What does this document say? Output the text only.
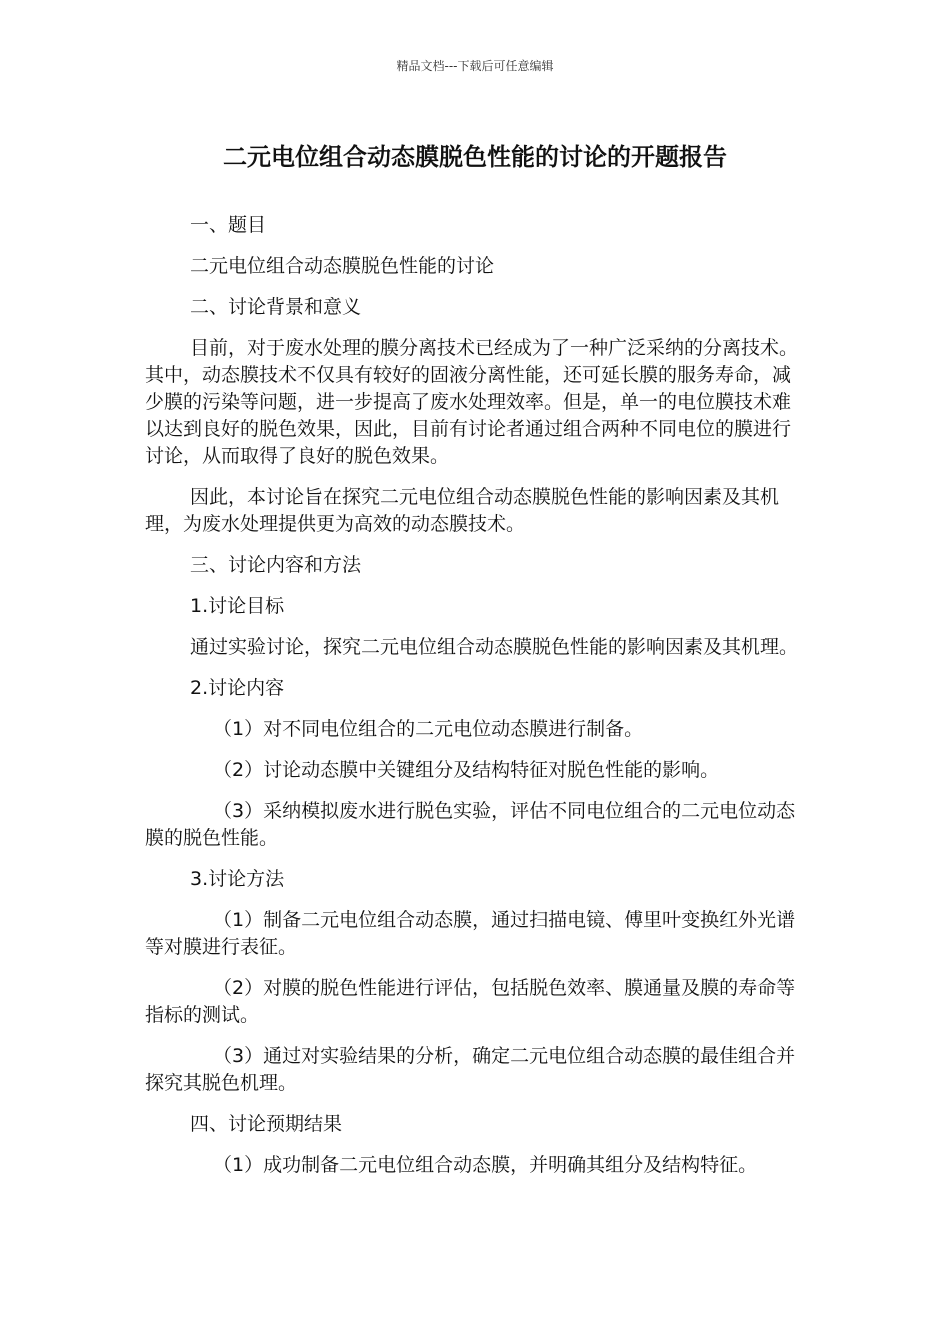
精品文档---下载后可任意编辑
二元电位组合动态膜脱色性能的讨论的开题报告

一、题目

二元电位组合动态膜脱色性能的讨论

二、讨论背景和意义

目前，对于废水处理的膜分离技术已经成为了一种广泛采纳的分离技术。其中，动态膜技术不仅具有较好的固液分离性能，还可延长膜的服务寿命，减少膜的污染等问题，进一步提高了废水处理效率。但是，单一的电位膜技术难以达到良好的脱色效果，因此，目前有讨论者通过组合两种不同电位的膜进行讨论，从而取得了良好的脱色效果。

因此，本讨论旨在探究二元电位组合动态膜脱色性能的影响因素及其机理，为废水处理提供更为高效的动态膜技术。

三、讨论内容和方法

1.讨论目标

通过实验讨论，探究二元电位组合动态膜脱色性能的影响因素及其机理。

2.讨论内容

（1）对不同电位组合的二元电位动态膜进行制备。

（2）讨论动态膜中关键组分及结构特征对脱色性能的影响。

（3）采纳模拟废水进行脱色实验，评估不同电位组合的二元电位动态膜的脱色性能。

3.讨论方法

（1）制备二元电位组合动态膜，通过扫描电镜、傅里叶变换红外光谱等对膜进行表征。

（2）对膜的脱色性能进行评估，包括脱色效率、膜通量及膜的寿命等指标的测试。

（3）通过对实验结果的分析，确定二元电位组合动态膜的最佳组合并探究其脱色机理。

四、讨论预期结果

（1）成功制备二元电位组合动态膜，并明确其组分及结构特征。
